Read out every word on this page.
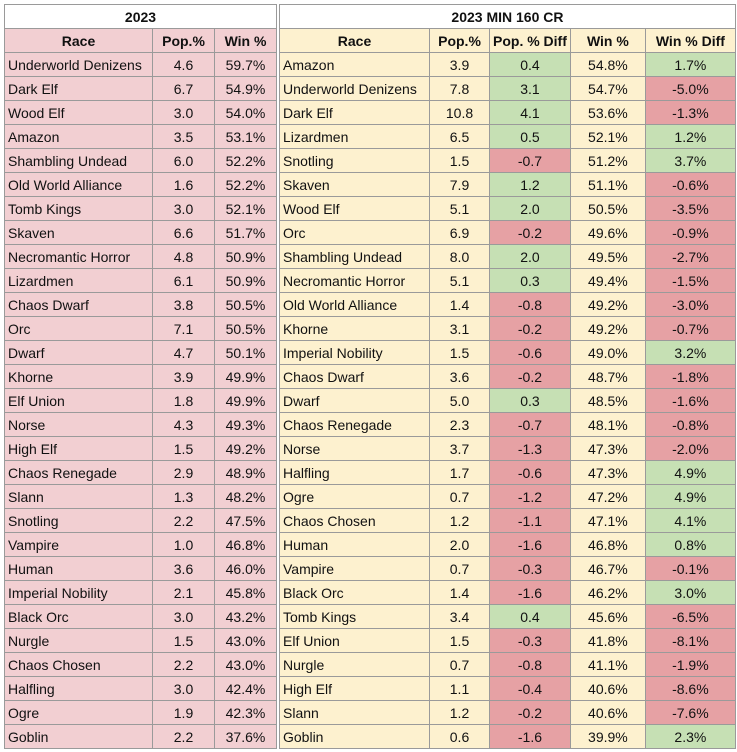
2023				2023 MIN 160 CR				
Race	Pop.%	Win %		Race	Pop.%	Pop. % Diff	Win %	Win % Diff
Underworld Denizens	4.6	59.7%		Amazon	3.9	0.4	54.8%	1.7%
Dark Elf	6.7	54.9%		Underworld Denizens	7.8	3.1	54.7%	-5.0%
Wood Elf	3.0	54.0%		Dark Elf	10.8	4.1	53.6%	-1.3%
Amazon	3.5	53.1%		Lizardmen	6.5	0.5	52.1%	1.2%
Shambling Undead	6.0	52.2%		Snotling	1.5	-0.7	51.2%	3.7%
Old World Alliance	1.6	52.2%		Skaven	7.9	1.2	51.1%	-0.6%
Tomb Kings	3.0	52.1%		Wood Elf	5.1	2.0	50.5%	-3.5%
Skaven	6.6	51.7%		Orc	6.9	-0.2	49.6%	-0.9%
Necromantic Horror	4.8	50.9%		Shambling Undead	8.0	2.0	49.5%	-2.7%
Lizardmen	6.1	50.9%		Necromantic Horror	5.1	0.3	49.4%	-1.5%
Chaos Dwarf	3.8	50.5%		Old World Alliance	1.4	-0.8	49.2%	-3.0%
Orc	7.1	50.5%		Khorne	3.1	-0.2	49.2%	-0.7%
Dwarf	4.7	50.1%		Imperial Nobility	1.5	-0.6	49.0%	3.2%
Khorne	3.9	49.9%		Chaos Dwarf	3.6	-0.2	48.7%	-1.8%
Elf Union	1.8	49.9%		Dwarf	5.0	0.3	48.5%	-1.6%
Norse	4.3	49.3%		Chaos Renegade	2.3	-0.7	48.1%	-0.8%
High Elf	1.5	49.2%		Norse	3.7	-1.3	47.3%	-2.0%
Chaos Renegade	2.9	48.9%		Halfling	1.7	-0.6	47.3%	4.9%
Slann	1.3	48.2%		Ogre	0.7	-1.2	47.2%	4.9%
Snotling	2.2	47.5%		Chaos Chosen	1.2	-1.1	47.1%	4.1%
Vampire	1.0	46.8%		Human	2.0	-1.6	46.8%	0.8%
Human	3.6	46.0%		Vampire	0.7	-0.3	46.7%	-0.1%
Imperial Nobility	2.1	45.8%		Black Orc	1.4	-1.6	46.2%	3.0%
Black Orc	3.0	43.2%		Tomb Kings	3.4	0.4	45.6%	-6.5%
Nurgle	1.5	43.0%		Elf Union	1.5	-0.3	41.8%	-8.1%
Chaos Chosen	2.2	43.0%		Nurgle	0.7	-0.8	41.1%	-1.9%
Halfling	3.0	42.4%		High Elf	1.1	-0.4	40.6%	-8.6%
Ogre	1.9	42.3%		Slann	1.2	-0.2	40.6%	-7.6%
Goblin	2.2	37.6%		Goblin	0.6	-1.6	39.9%	2.3%
